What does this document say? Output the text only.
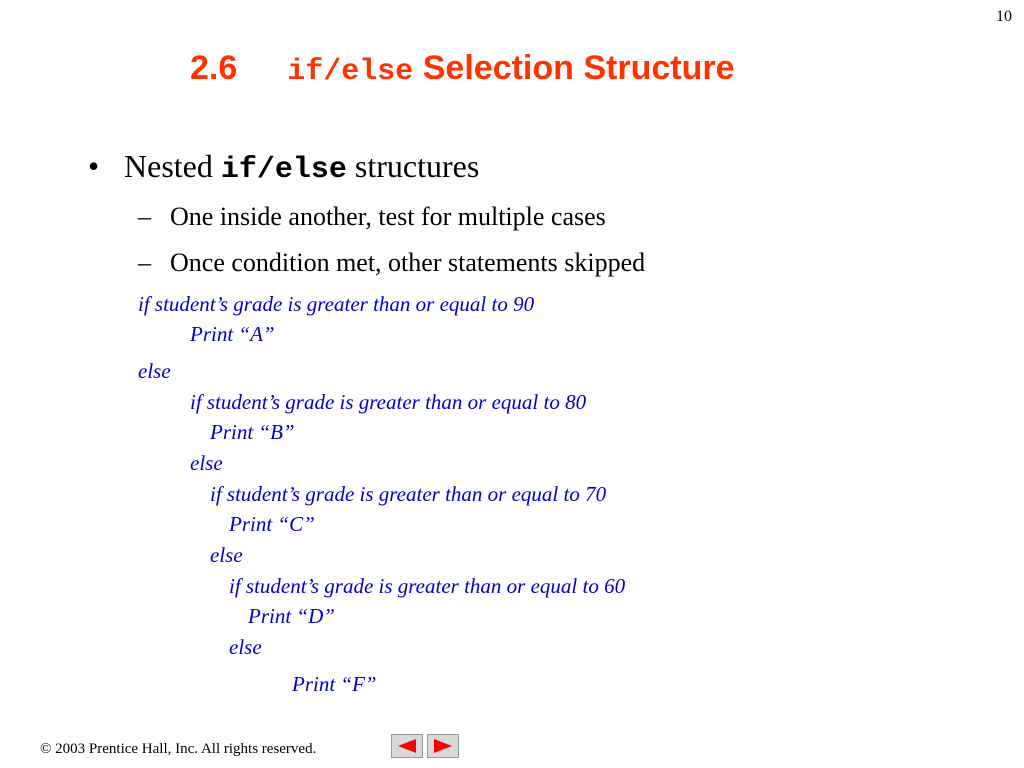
10
2.6 if/else Selection Structure
• Nested if/else structures
– One inside another, test for multiple cases
– Once condition met, other statements skipped
if student’s grade is greater than or equal to 90
Print “A”
else
if student’s grade is greater than or equal to 80
Print “B”
else
if student’s grade is greater than or equal to 70
Print “C”
else
if student’s grade is greater than or equal to 60
Print “D”
else
Print “F”
© 2003 Prentice Hall, Inc. All rights reserved.
